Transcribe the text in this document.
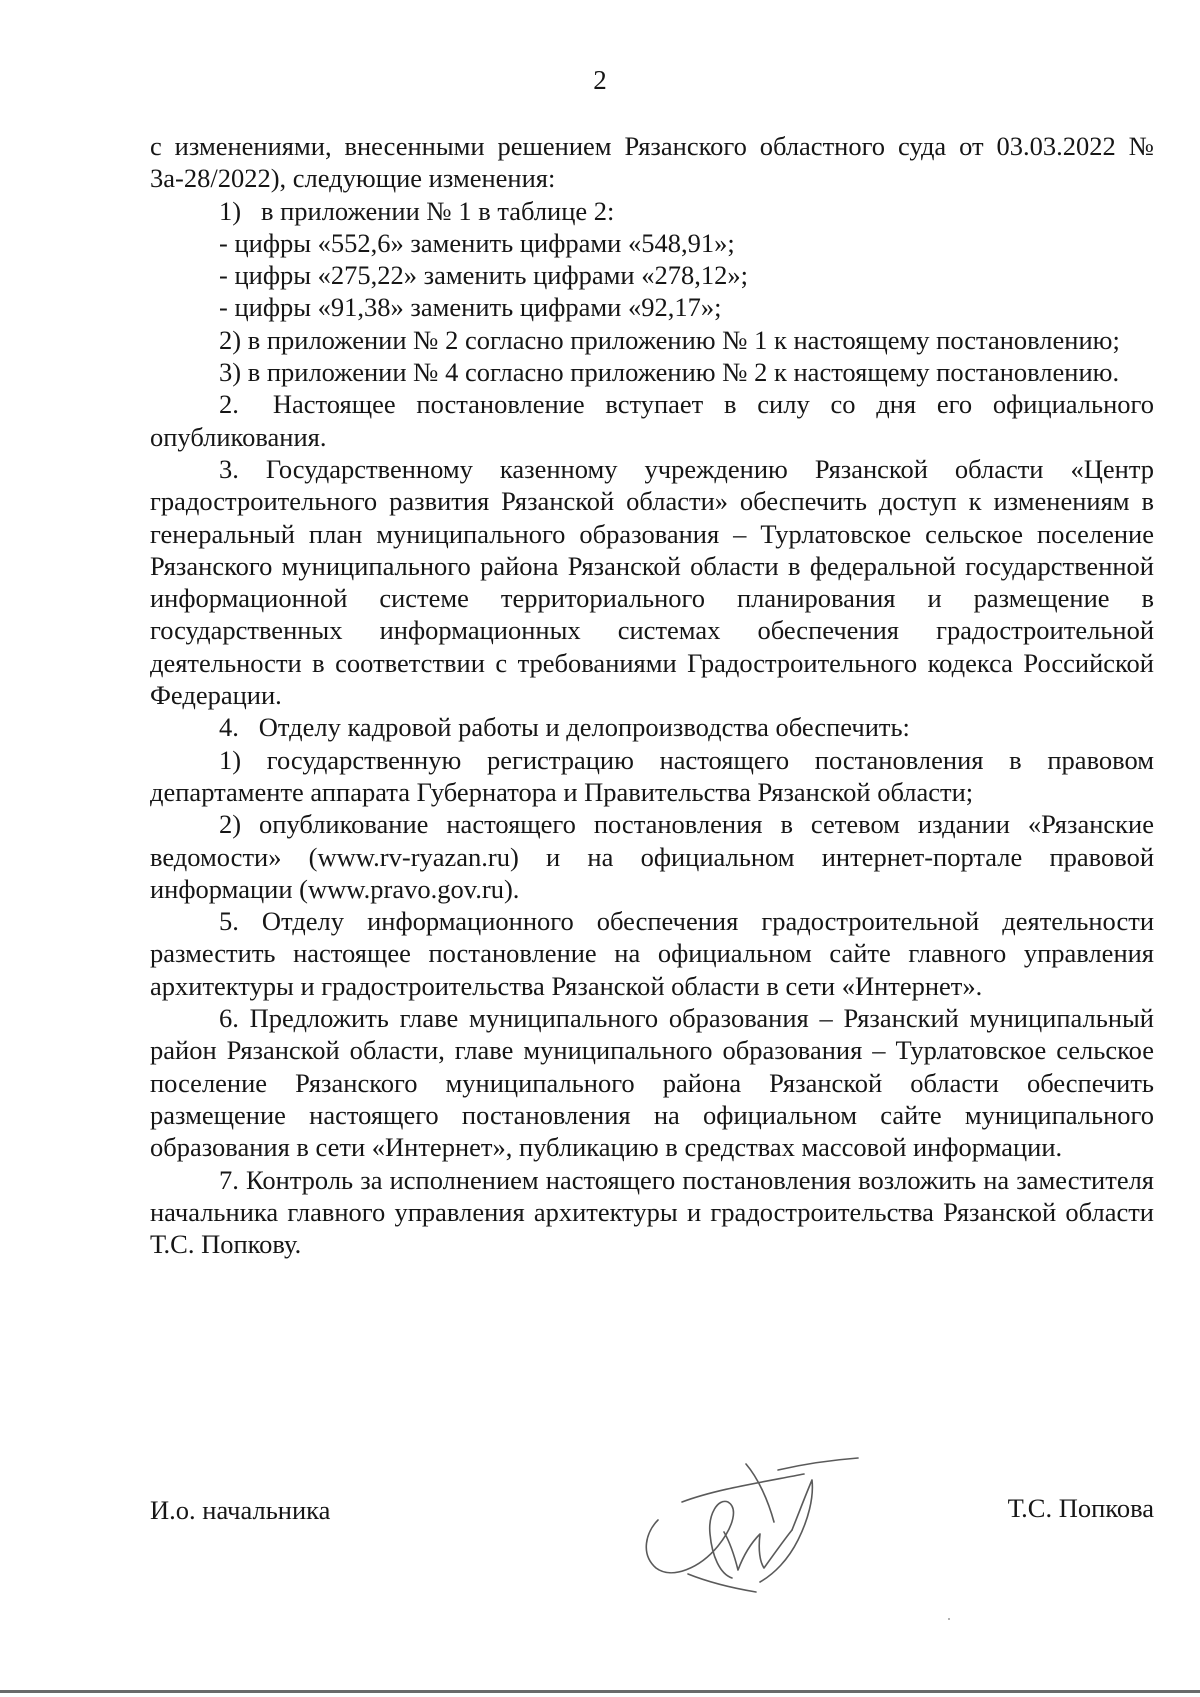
2

с изменениями, внесенными решением Рязанского областного суда от 03.03.2022 № 3а-28/2022), следующие изменения:

1)  в приложении № 1 в таблице 2:

- цифры «552,6» заменить цифрами «548,91»;

- цифры «275,22» заменить цифрами «278,12»;

- цифры «91,38» заменить цифрами «92,17»;

2) в приложении № 2 согласно приложению № 1 к настоящему постановлению;

3) в приложении № 4 согласно приложению № 2 к настоящему постановлению.

2.  Настоящее постановление вступает в силу со дня его официального опубликования.

3. Государственному казенному учреждению Рязанской области «Центр градостроительного развития Рязанской области» обеспечить доступ к изменениям в генеральный план муниципального образования – Турлатовское сельское поселение Рязанского муниципального района Рязанской области в федеральной государственной информационной системе территориального планирования и размещение в государственных информационных системах обеспечения градостроительной деятельности в соответствии с требованиями Градостроительного кодекса Российской Федерации.

4.  Отделу кадровой работы и делопроизводства обеспечить:

1) государственную регистрацию настоящего постановления в правовом департаменте аппарата Губернатора и Правительства Рязанской области;

2) опубликование настоящего постановления в сетевом издании «Рязанские ведомости» (www.rv-ryazan.ru) и на официальном интернет-портале правовой информации (www.pravo.gov.ru).

5. Отделу информационного обеспечения градостроительной деятельности разместить настоящее постановление на официальном сайте главного управления архитектуры и градостроительства Рязанской области в сети «Интернет».

6. Предложить главе муниципального образования – Рязанский муниципальный район Рязанской области, главе муниципального образования – Турлатовское сельское поселение Рязанского муниципального района Рязанской области обеспечить размещение настоящего постановления на официальном сайте муниципального образования в сети «Интернет», публикацию в средствах массовой информации.

7. Контроль за исполнением настоящего постановления возложить на заместителя начальника главного управления архитектуры и градостроительства Рязанской области Т.С. Попкову.

И.о. начальника	Т.С. Попкова
